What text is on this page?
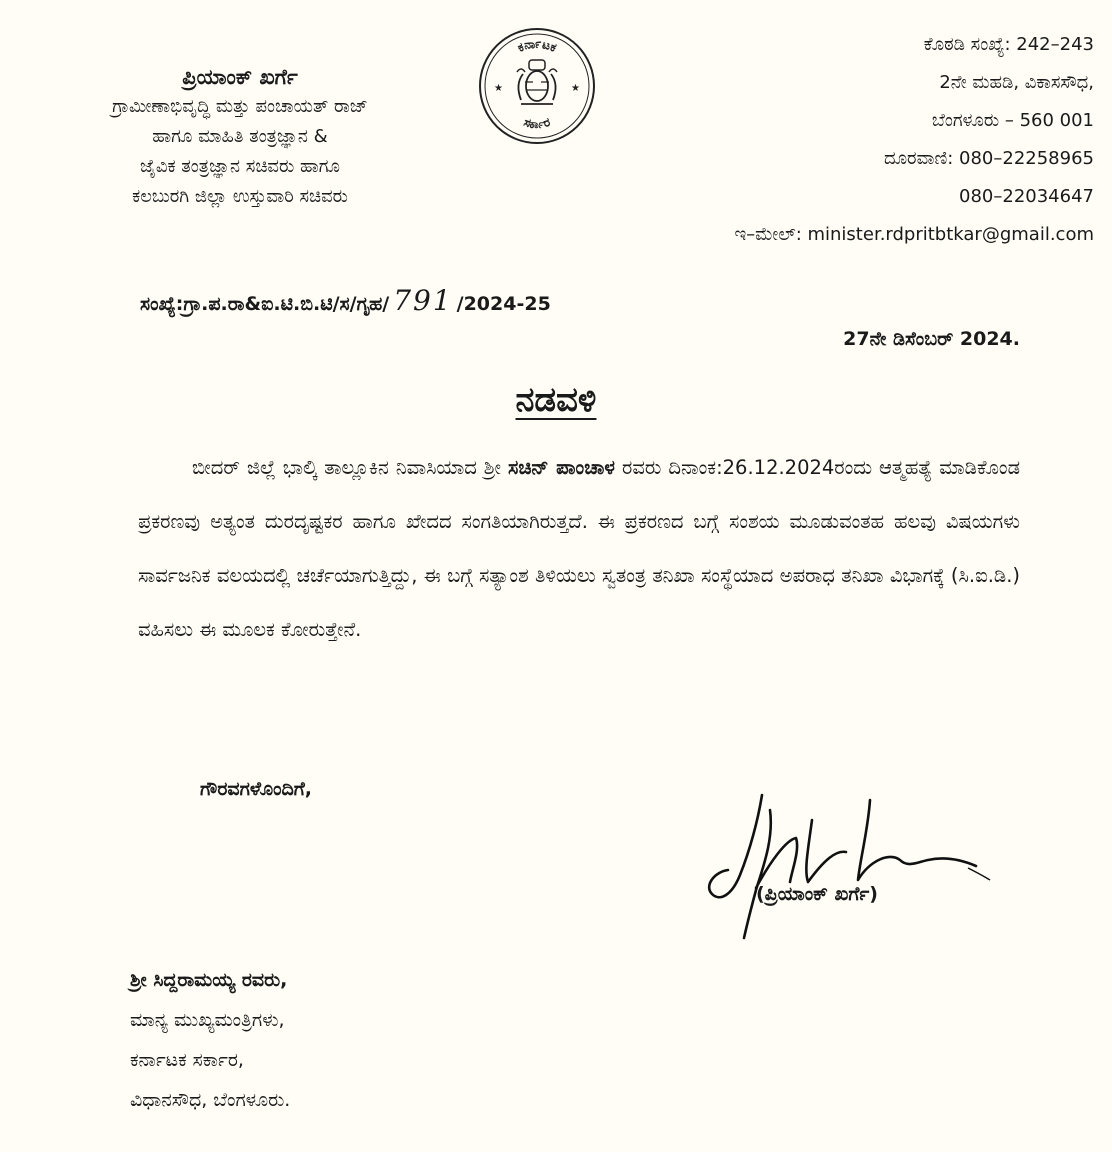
ಪ್ರಿಯಾಂಕ್ ಖರ್ಗೆ
ಗ್ರಾಮೀಣಾಭಿವೃದ್ಧಿ ಮತ್ತು ಪಂಚಾಯತ್ ರಾಜ್
ಹಾಗೂ ಮಾಹಿತಿ ತಂತ್ರಜ್ಞಾನ &
ಜೈವಿಕ ತಂತ್ರಜ್ಞಾನ ಸಚಿವರು ಹಾಗೂ
ಕಲಬುರಗಿ ಜಿಲ್ಲಾ ಉಸ್ತುವಾರಿ ಸಚಿವರು
ಕರ್ನಾಟಕ
ಸರ್ಕಾರ
★	★
ಕೊಠಡಿ ಸಂಖ್ಯೆ: 242–243
2ನೇ ಮಹಡಿ, ವಿಕಾಸಸೌಧ,
ಬೆಂಗಳೂರು – 560 001
ದೂರವಾಣಿ: 080–22258965
080–22034647
ಇ–ಮೇಲ್: minister.rdpritbtkar@gmail.com
ಸಂಖ್ಯೆ:ಗ್ರಾ.ಪ.ರಾ&ಐ.ಟಿ.ಬಿ.ಟಿ/ಸ/ಗೃಹ/ 791 /2024-25
27ನೇ ಡಿಸೆಂಬರ್ 2024.
ನಡವಳಿ
ಬೀದರ್ ಜಿಲ್ಲೆ ಭಾಲ್ಕಿ ತಾಲ್ಲೂಕಿನ ನಿವಾಸಿಯಾದ ಶ್ರೀ ಸಚಿನ್ ಪಾಂಚಾಳ ರವರು ದಿನಾಂಕ:26.12.2024ರಂದು ಆತ್ಮಹತ್ಯೆ ಮಾಡಿಕೊಂಡ ಪ್ರಕರಣವು ಅತ್ಯಂತ ದುರದೃಷ್ಟಕರ ಹಾಗೂ ಖೇದದ ಸಂಗತಿಯಾಗಿರುತ್ತದೆ. ಈ ಪ್ರಕರಣದ ಬಗ್ಗೆ ಸಂಶಯ ಮೂಡುವಂತಹ ಹಲವು ವಿಷಯಗಳು ಸಾರ್ವಜನಿಕ ವಲಯದಲ್ಲಿ ಚರ್ಚೆಯಾಗುತ್ತಿದ್ದು, ಈ ಬಗ್ಗೆ ಸತ್ಯಾಂಶ ತಿಳಿಯಲು ಸ್ವತಂತ್ರ ತನಿಖಾ ಸಂಸ್ಥೆಯಾದ ಅಪರಾಧ ತನಿಖಾ ವಿಭಾಗಕ್ಕೆ (ಸಿ.ಐ.ಡಿ.) ವಹಿಸಲು ಈ ಮೂಲಕ ಕೋರುತ್ತೇನೆ.
ಗೌರವಗಳೊಂದಿಗೆ,
(ಪ್ರಿಯಾಂಕ್ ಖರ್ಗೆ)
ಶ್ರೀ ಸಿದ್ದರಾಮಯ್ಯ ರವರು,
ಮಾನ್ಯ ಮುಖ್ಯಮಂತ್ರಿಗಳು,
ಕರ್ನಾಟಕ ಸರ್ಕಾರ,
ವಿಧಾನಸೌಧ, ಬೆಂಗಳೂರು.
